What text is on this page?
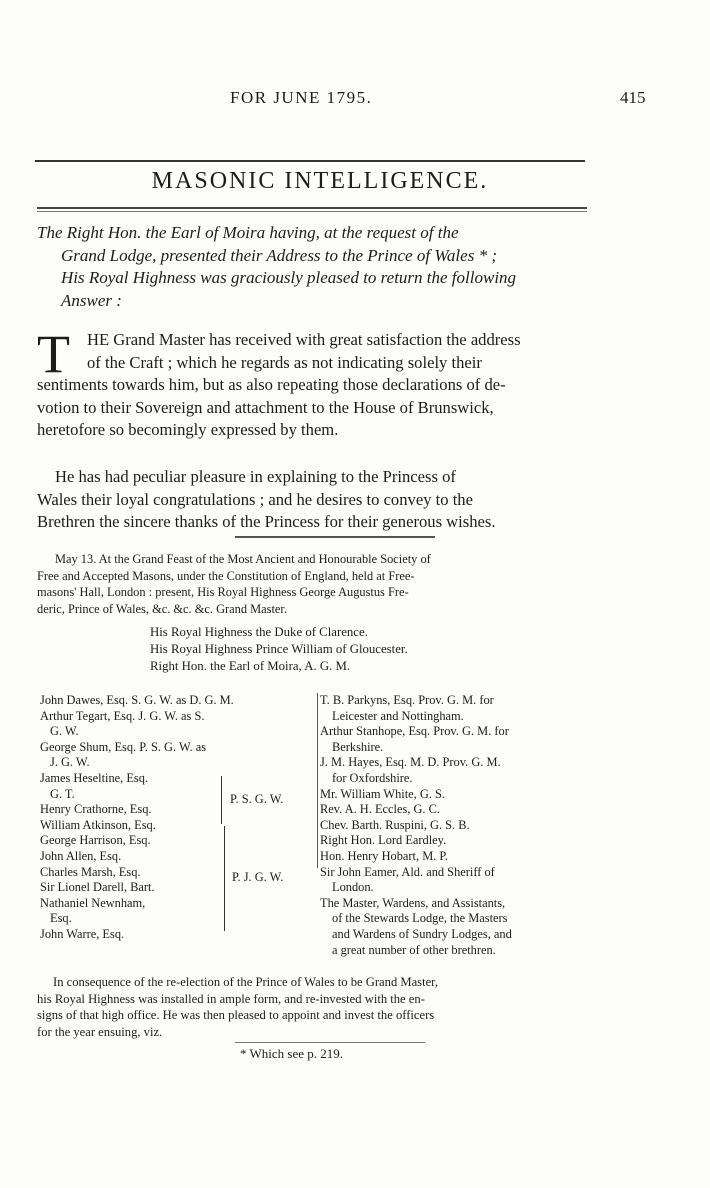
FOR JUNE 1795.	415
MASONIC INTELLIGENCE.
The Right Hon. the Earl of Moira having, at the request of the
Grand Lodge, presented their Address to the Prince of Wales * ;
His Royal Highness was graciously pleased to return the following
Answer :
T	HE Grand Master has received with great satisfaction the address
of the Craft ; which he regards as not indicating solely their
sentiments towards him, but as also repeating those declarations of de-
votion to their Sovereign and attachment to the House of Brunswick,
heretofore so becomingly expressed by them.
He has had peculiar pleasure in explaining to the Princess of
Wales their loyal congratulations ; and he desires to convey to the
Brethren the sincere thanks of the Princess for their generous wishes.
May 13. At the Grand Feast of the Most Ancient and Honourable Society of
Free and Accepted Masons, under the Constitution of England, held at Free-
masons' Hall, London : present, His Royal Highness George Augustus Fre-
deric, Prince of Wales, &c. &c. &c. Grand Master.
His Royal Highness the Duke of Clarence.
His Royal Highness Prince William of Gloucester.
Right Hon. the Earl of Moira, A. G. M.
John Dawes, Esq. S. G. W. as D. G. M.
Arthur Tegart, Esq. J. G. W. as S.
G. W.
George Shum, Esq. P. S. G. W. as
J. G. W.
James Heseltine, Esq.
G. T.
Henry Crathorne, Esq.
William Atkinson, Esq.
George Harrison, Esq.
John Allen, Esq.
Charles Marsh, Esq.
Sir Lionel Darell, Bart.
Nathaniel Newnham,
Esq.
John Warre, Esq.
P. S. G. W.
P. J. G. W.
T. B. Parkyns, Esq. Prov. G. M. for
Leicester and Nottingham.
Arthur Stanhope, Esq. Prov. G. M. for
Berkshire.
J. M. Hayes, Esq. M. D. Prov. G. M.
for Oxfordshire.
Mr. William White, G. S.
Rev. A. H. Eccles, G. C.
Chev. Barth. Ruspini, G. S. B.
Right Hon. Lord Eardley.
Hon. Henry Hobart, M. P.
Sir John Eamer, Ald. and Sheriff of
London.
The Master, Wardens, and Assistants,
of the Stewards Lodge, the Masters
and Wardens of Sundry Lodges, and
a great number of other brethren.
In consequence of the re-election of the Prince of Wales to be Grand Master,
his Royal Highness was installed in ample form, and re-invested with the en-
signs of that high office. He was then pleased to appoint and invest the officers
for the year ensuing, viz.
* Which see p. 219.
